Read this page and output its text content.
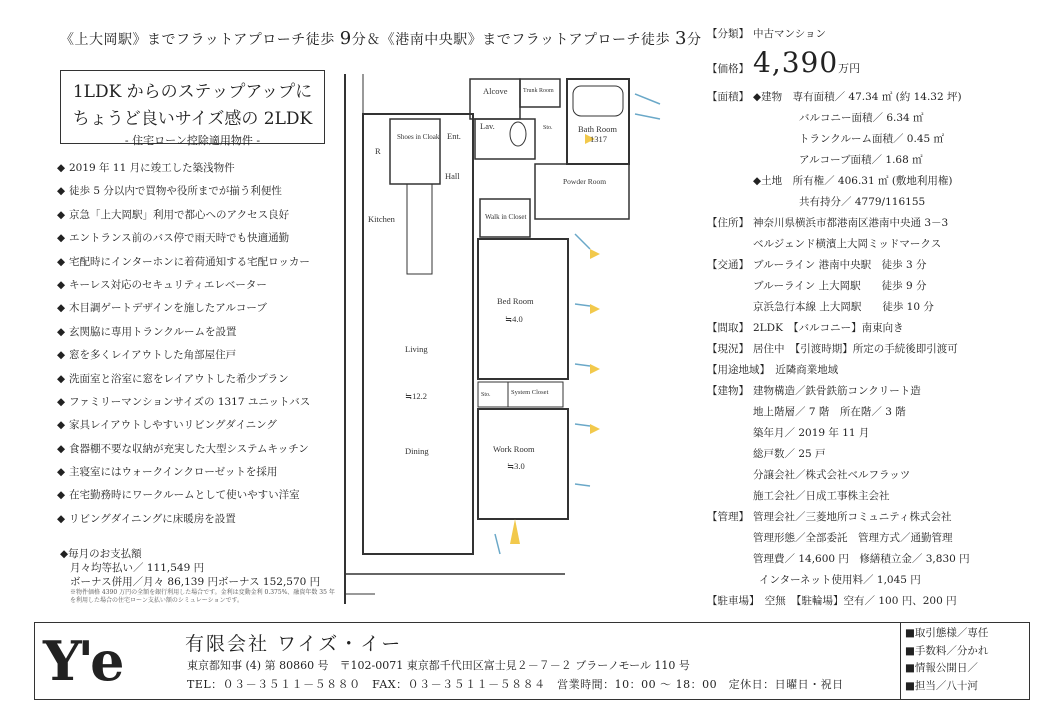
《上大岡駅》までフラットアプローチ徒歩 9分＆《港南中央駅》までフラットアプローチ徒歩 3分
1LDK からのステップアップに
ちょうど良いサイズ感の 2LDK
- 住宅ローン控除適用物件 -
◆ 2019 年 11 月に竣工した築浅物件
◆ 徒歩 5 分以内で買物や役所までが揃う利便性
◆ 京急「上大岡駅」利用で都心へのアクセス良好
◆ エントランス前のバス停で雨天時でも快適通勤
◆ 宅配時にインターホンに着荷通知する宅配ロッカー
◆ キーレス対応のセキュリティエレベーター
◆ 木目調ゲートデザインを施したアルコーブ
◆ 玄関脇に専用トランクルームを設置
◆ 窓を多くレイアウトした角部屋住戸
◆ 洗面室と浴室に窓をレイアウトした希少プラン
◆ ファミリーマンションサイズの 1317 ユニットバス
◆ 家具レイアウトしやすいリビングダイニング
◆ 食器棚不要な収納が充実した大型システムキッチン
◆ 主寝室にはウォークインクローゼットを採用
◆ 在宅勤務時にワークルームとして使いやすい洋室
◆ リビングダイニングに床暖房を設置
◆毎月のお支払額
月々均等払い／ 111,549 円
ボーナス併用／月々 86,139 円ボーナス 152,570 円
※物件価格 4390 万円の全額を銀行利用した場合です。金利は変動金利 0.375%、融資年数 35 年を利用した場合の住宅ローン支払い額のシミュレーションです。
Alcove	Trunk Room
Lav.	Sto.	Bath Room
1317
Shoes in Cloak Ent.
Powder Room
Hall
Kitchen
R
Walk in Closet
Bed Room
≒4.0
Living
≒12.2
Dining
Sto.	System Closet
Work Room
≒3.0
【分類】 中古マンション
【価格】 4,390万円
【面積】 ◆建物　 専有面積／ 47.34 ㎡ (約 14.32 坪)
バルコニー面積／ 6.34 ㎡
トランクルーム面積／ 0.45 ㎡
アルコーブ面積／ 1.68 ㎡
◆土地　 所有権／ 406.31 ㎡ (敷地利用権)
共有持分／ 4779/116155
【住所】 神奈川県横浜市都港南区港南中央通 3－3
ベルジェンド横濱上大岡ミッドマークス
【交通】 ブルーライン 港南中央駅　徒歩 3 分
ブルーライン 上大岡駅　　徒歩 9 分
京浜急行本線 上大岡駅　　徒歩 10 分
【間取】 2LDK　 【バルコニー】南東向き
【現況】 居住中　 【引渡時期】所定の手続後即引渡可
【用途地域】　 近隣商業地域
【建物】 建物構造／鉄骨鉄筋コンクリート造
地上階層／ 7 階　所在階／ 3 階
築年月／ 2019 年 11 月
総戸数／ 25 戸
分譲会社／株式会社ベルフラッツ
施工会社／日成工事株主会社
【管理】 管理会社／三菱地所コミュニティ株式会社
管理形態／全部委託　管理方式／通勤管理
管理費／ 14,600 円　修繕積立金／ 3,830 円
インターネット使用料／ 1,045 円
【駐車場】　 空無　 【駐輪場】空有／ 100 円、200 円
Y'e	有限会社 ワイズ・イー
東京都知事 (4) 第 80860 号　 〒102-0071 東京都千代田区富士見２－７－２ ブラーノモール 110 号
TEL：０３－３５１１－５８８０　FAX：０３－３５１１－５８８４　営業時間：10：00 ～ 18：00　定休日：日曜日・祝日
■取引態様／専任
■手数料／分かれ
■情報公開日／
■担当／八十河
